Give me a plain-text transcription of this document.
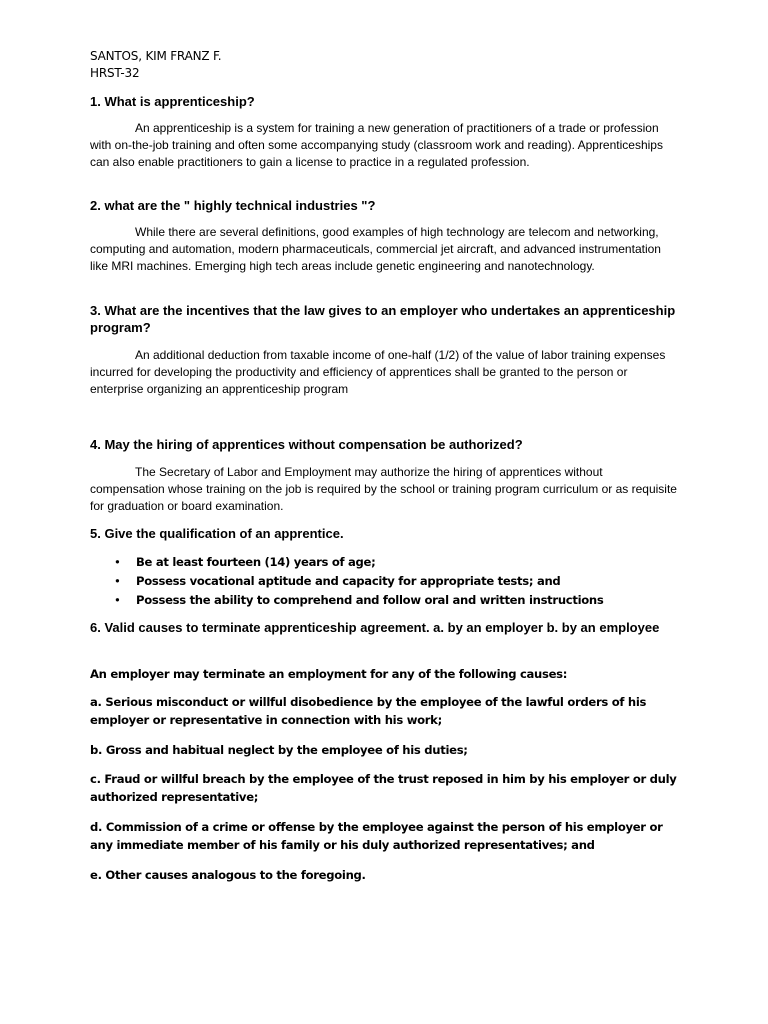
SANTOS, KIM FRANZ F.
HRST-32
1. What is apprenticeship?
An apprenticeship is a system for training a new generation of practitioners of a trade or profession with on-the-job training and often some accompanying study (classroom work and reading). Apprenticeships can also enable practitioners to gain a license to practice in a regulated profession.
2. what are the " highly technical industries "?
While there are several definitions, good examples of high technology are telecom and networking, computing and automation, modern pharmaceuticals, commercial jet aircraft, and advanced instrumentation like MRI machines. Emerging high tech areas include genetic engineering and nanotechnology.
3. What are the incentives that the law gives to an employer who undertakes an apprenticeship program?
An additional deduction from taxable income of one-half (1/2) of the value of labor training expenses incurred for developing the productivity and efficiency of apprentices shall be granted to the person or enterprise organizing an apprenticeship program
4. May the hiring of apprentices without compensation be authorized?
The Secretary of Labor and Employment may authorize the hiring of apprentices without compensation whose training on the job is required by the school or training program curriculum or as requisite for graduation or board examination.
5. Give the qualification of an apprentice.
• Be at least fourteen (14) years of age;
• Possess vocational aptitude and capacity for appropriate tests; and
• Possess the ability to comprehend and follow oral and written instructions
6. Valid causes to terminate apprenticeship agreement. a. by an employer b. by an employee
An employer may terminate an employment for any of the following causes:
a. Serious misconduct or willful disobedience by the employee of the lawful orders of his employer or representative in connection with his work;
b. Gross and habitual neglect by the employee of his duties;
c. Fraud or willful breach by the employee of the trust reposed in him by his employer or duly authorized representative;
d. Commission of a crime or offense by the employee against the person of his employer or any immediate member of his family or his duly authorized representatives; and
e. Other causes analogous to the foregoing.
